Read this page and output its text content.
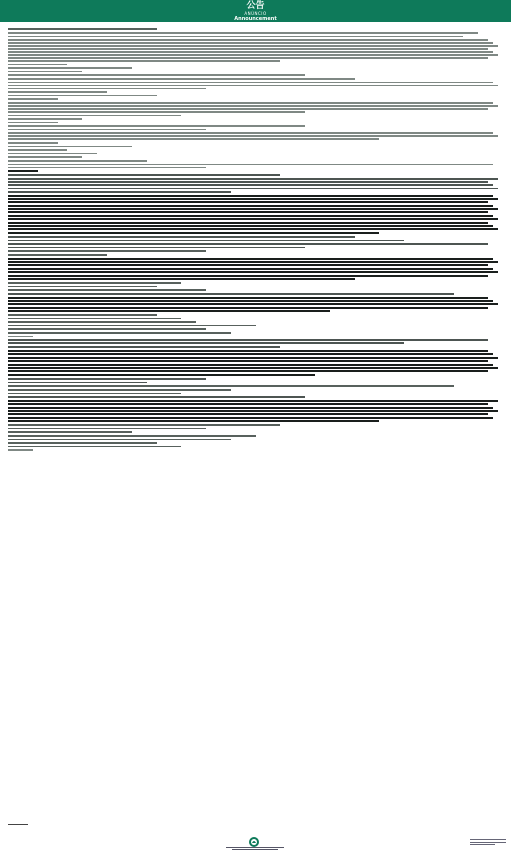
公告
ANÚNCIO
Announcement
